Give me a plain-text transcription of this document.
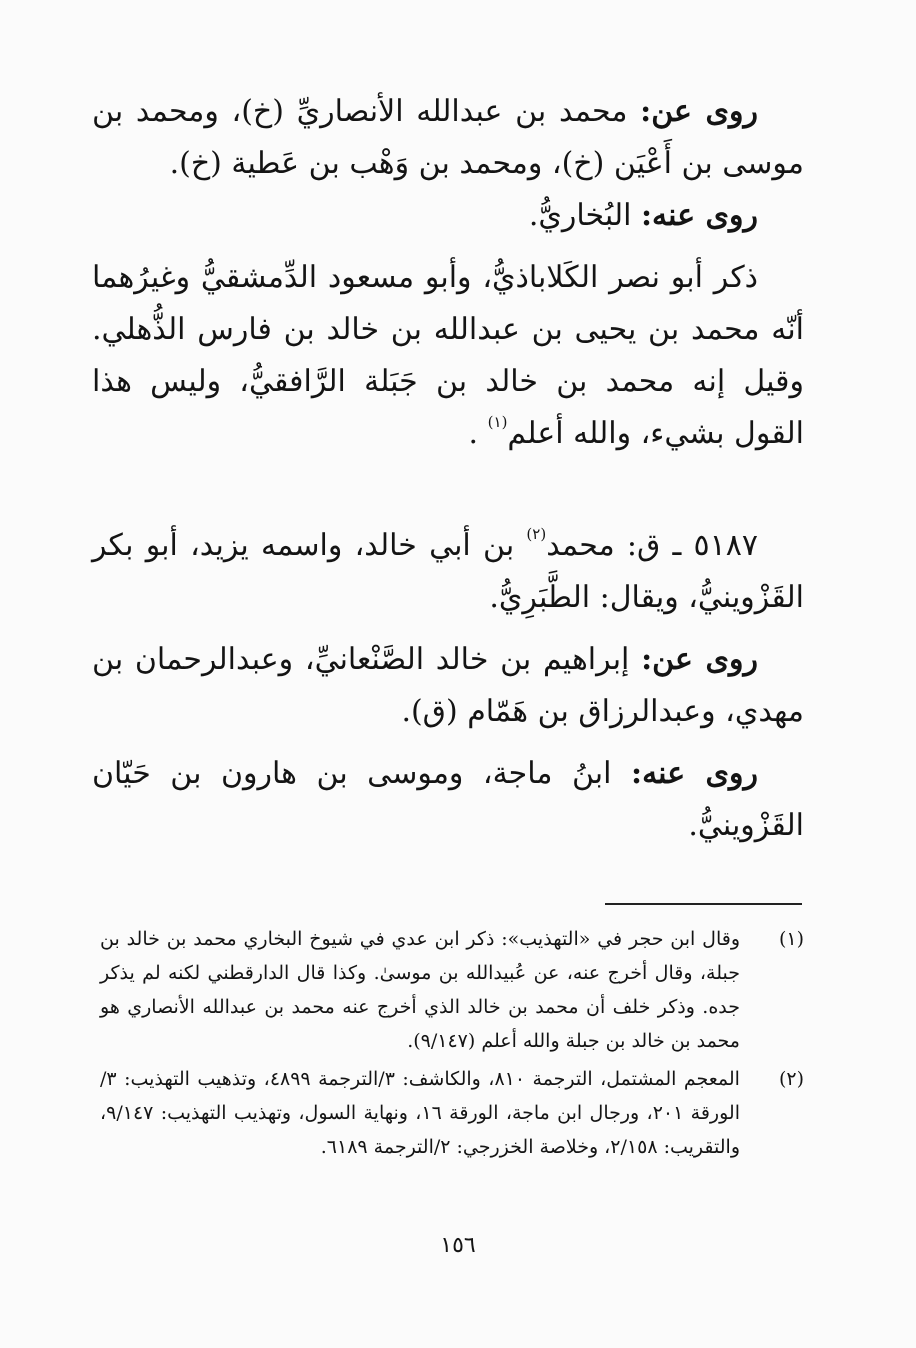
روى عن: محمد بن عبدالله الأنصاريِّ (خ)، ومحمد بن موسى بن أَعْيَن (خ)، ومحمد بن وَهْب بن عَطية (خ).

روى عنه: البُخاريُّ.

ذكر أبو نصر الكَلاباذيُّ، وأبو مسعود الدِّمشقيُّ وغيرُهما أنّه محمد بن يحيى بن عبدالله بن خالد بن فارس الذُّهلي. وقيل إنه محمد بن خالد بن جَبَلة الرَّافقيُّ، وليس هذا القول بشيء، والله أعلم$^{(١)}$ .

٥١٨٧ ـ ق: محمد$^{(٢)}$ بن أبي خالد، واسمه يزيد، أبو بكر القَزْوينيُّ، ويقال: الطَّبَرِيُّ.

روى عن: إبراهيم بن خالد الصَّنْعانيِّ، وعبدالرحمان بن مهدي، وعبدالرزاق بن هَمّام (ق).

روى عنه: ابنُ ماجة، وموسى بن هارون بن حَيّان القَزْوينيُّ.

(١)
وقال ابن حجر في «التهذيب»: ذكر ابن عدي في شيوخ البخاري محمد بن خالد بن جبلة، وقال أخرج عنه، عن عُبيدالله بن موسىٰ. وكذا قال الدارقطني لكنه لم يذكر جده. وذكر خلف أن محمد بن خالد الذي أخرج عنه محمد بن عبدالله الأنصاري هو محمد بن خالد بن جبلة والله أعلم (٩/١٤٧).
(٢)
المعجم المشتمل، الترجمة ٨١٠، والكاشف: ٣/الترجمة ٤٨٩٩، وتذهيب التهذيب: ٣/الورقة ٢٠١، ورجال ابن ماجة، الورقة ١٦، ونهاية السول، وتهذيب التهذيب: ٩/١٤٧، والتقريب: ٢/١٥٨، وخلاصة الخزرجي: ٢/الترجمة ٦١٨٩.
١٥٦
